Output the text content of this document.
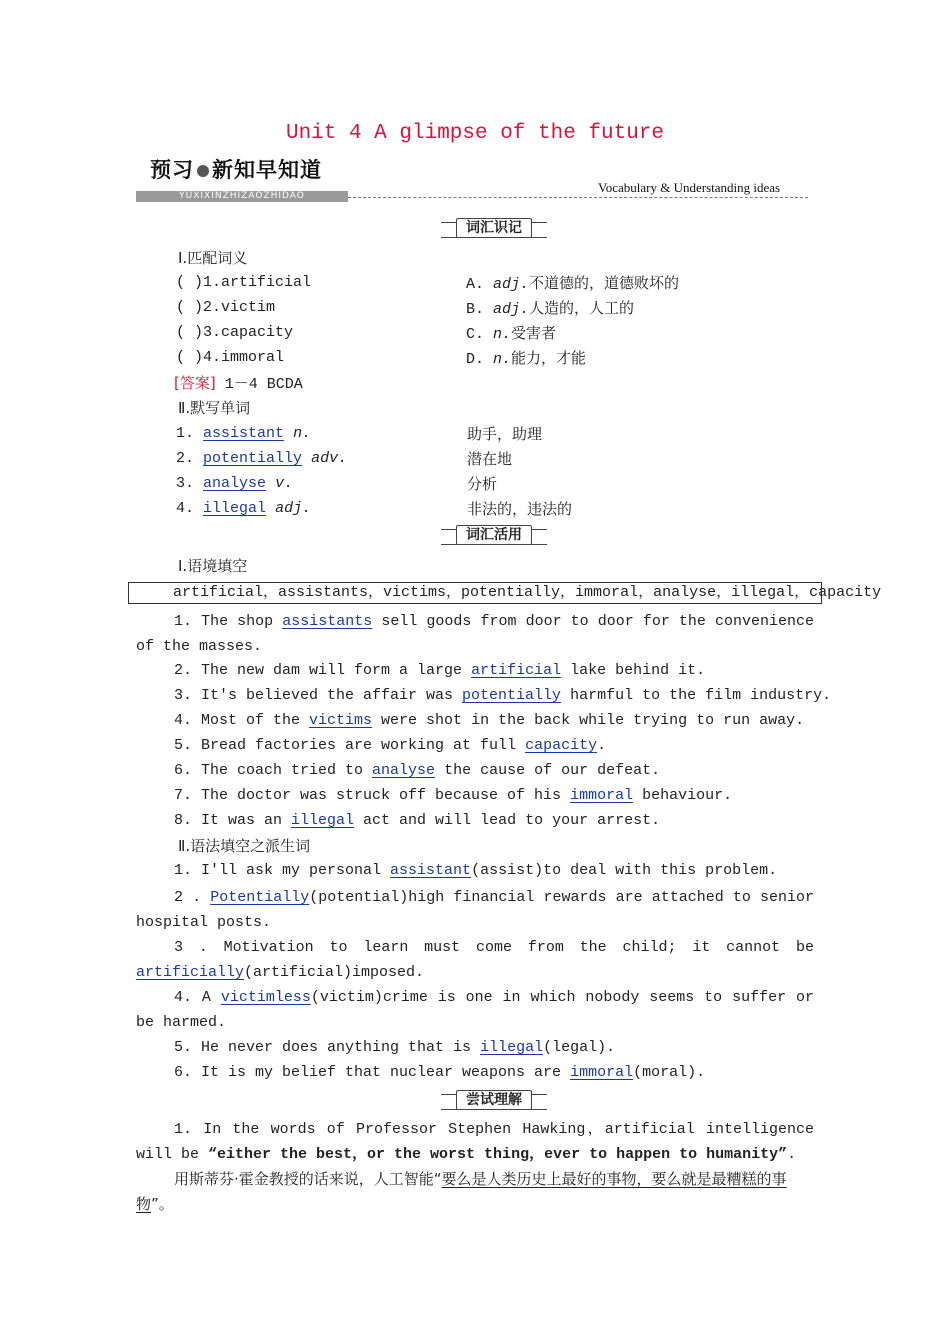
Unit 4 A glimpse of the future
预习 新知早知道
YUXIXINZHIZAOZHIDAO
Vocabulary & Understanding ideas
词汇识记
Ⅰ.匹配词义
( )1.artificial	A. adj.不道德的，道德败坏的
( )2.victim	B. adj.人造的，人工的
( )3.capacity	C. n.受害者
( )4.immoral	D. n.能力，才能
[答案] 1－4 BCDA
Ⅱ.默写单词
1. assistant n.	助手，助理
2. potentially adv.	潜在地
3. analyse v.	分析
4. illegal adj.	非法的，违法的
词汇活用
Ⅰ.语境填空
artificial，assistants，victims，potentially，immoral，analyse，illegal，capacity
1. The shop assistants sell goods from door to door for the convenience of the masses.
2. The new dam will form a large artificial lake behind it.
3. It's believed the affair was potentially harmful to the film industry.
4. Most of the victims were shot in the back while trying to run away.
5. Bread factories are working at full capacity.
6. The coach tried to analyse the cause of our defeat.
7. The doctor was struck off because of his immoral behaviour.
8. It was an illegal act and will lead to your arrest.
Ⅱ.语法填空之派生词
1. I'll ask my personal assistant(assist)to deal with this problem.
2 . Potentially(potential)high financial rewards are attached to senior hospital posts.
3 . Motivation to learn must come from the child; it cannot be artificially(artificial)imposed.
4. A victimless(victim)crime is one in which nobody seems to suffer or be harmed.
5. He never does anything that is illegal(legal).
6. It is my belief that nuclear weapons are immoral(moral).
尝试理解
1. In the words of Professor Stephen Hawking，artificial intelligence will be “either the best，or the worst thing，ever to happen to humanity”.
用斯蒂芬·霍金教授的话来说，人工智能“要么是人类历史上最好的事物，要么就是最糟糕的事物”。
